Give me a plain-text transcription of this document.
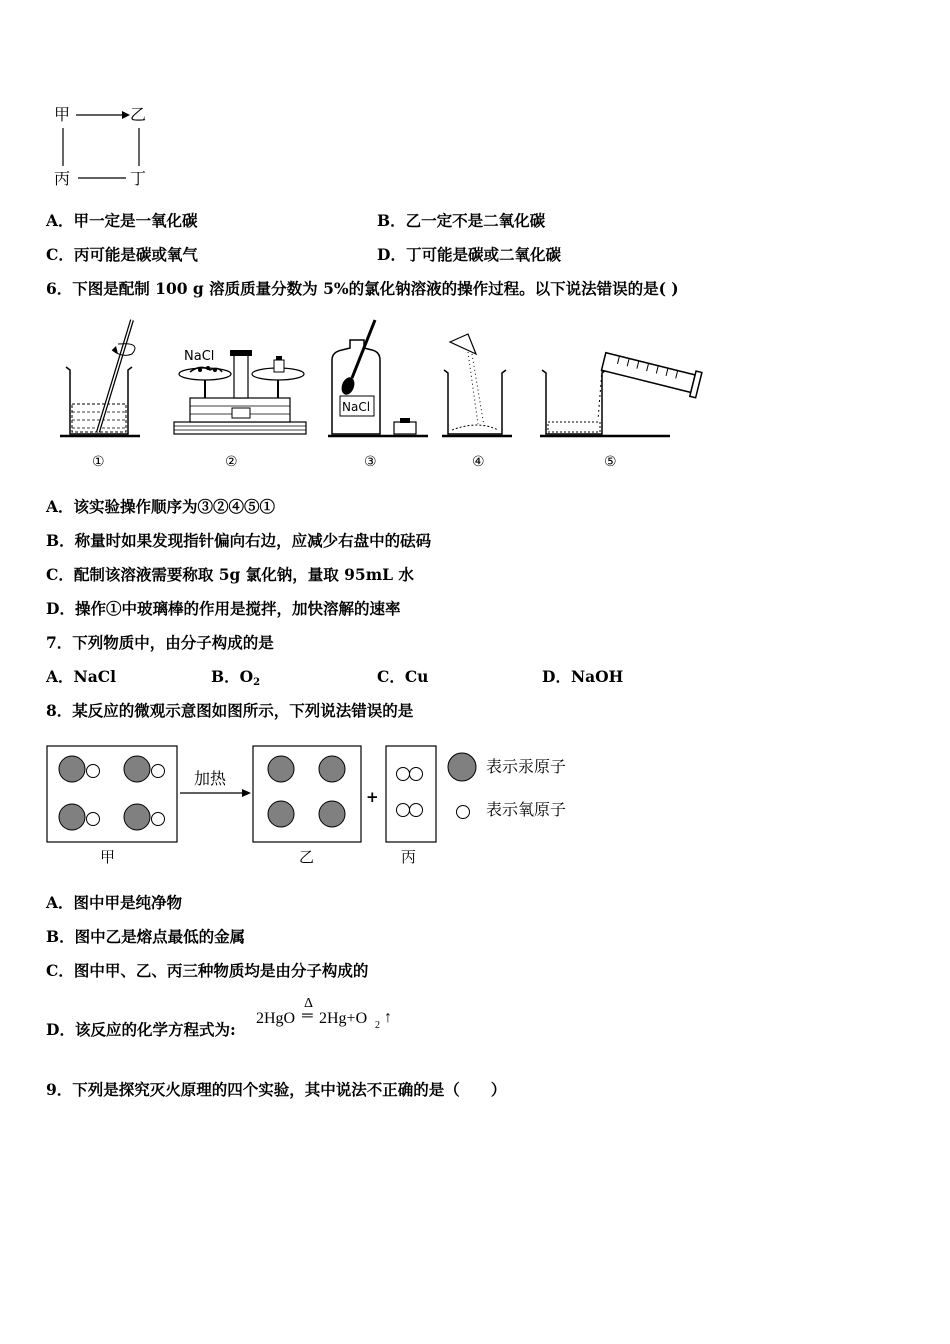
甲	乙
丙	丁
A．甲一定是一氧化碳	B．乙一定不是二氧化碳
C．丙可能是碳或氧气	D．丁可能是碳或二氧化碳
6．下图是配制 100 g 溶质质量分数为 5%的氯化钠溶液的操作过程。以下说法错误的是( )
NaCl
NaCl
①	②	③	④	⑤
A．该实验操作顺序为③②④⑤①
B．称量时如果发现指针偏向右边，应减少右盘中的砝码
C．配制该溶液需要称取 5g 氯化钠，量取 95mL 水
D．操作①中玻璃棒的作用是搅拌，加快溶解的速率
7．下列物质中，由分子构成的是
A．NaCl	B．$O_2$	C．Cu	D．NaOH
8．某反应的微观示意图如图所示，下列说法错误的是
甲
加热
乙
+
丙
表示汞原子
表示氧原子
A．图中甲是纯净物
B．图中乙是熔点最低的金属
C．图中甲、乙、丙三种物质均是由分子构成的
D．该反应的化学方程式为:
2HgO
Δ
═ 2Hg+O 2 ↑
9．下列是探究灭火原理的四个实验，其中说法不正确的是（　　）
